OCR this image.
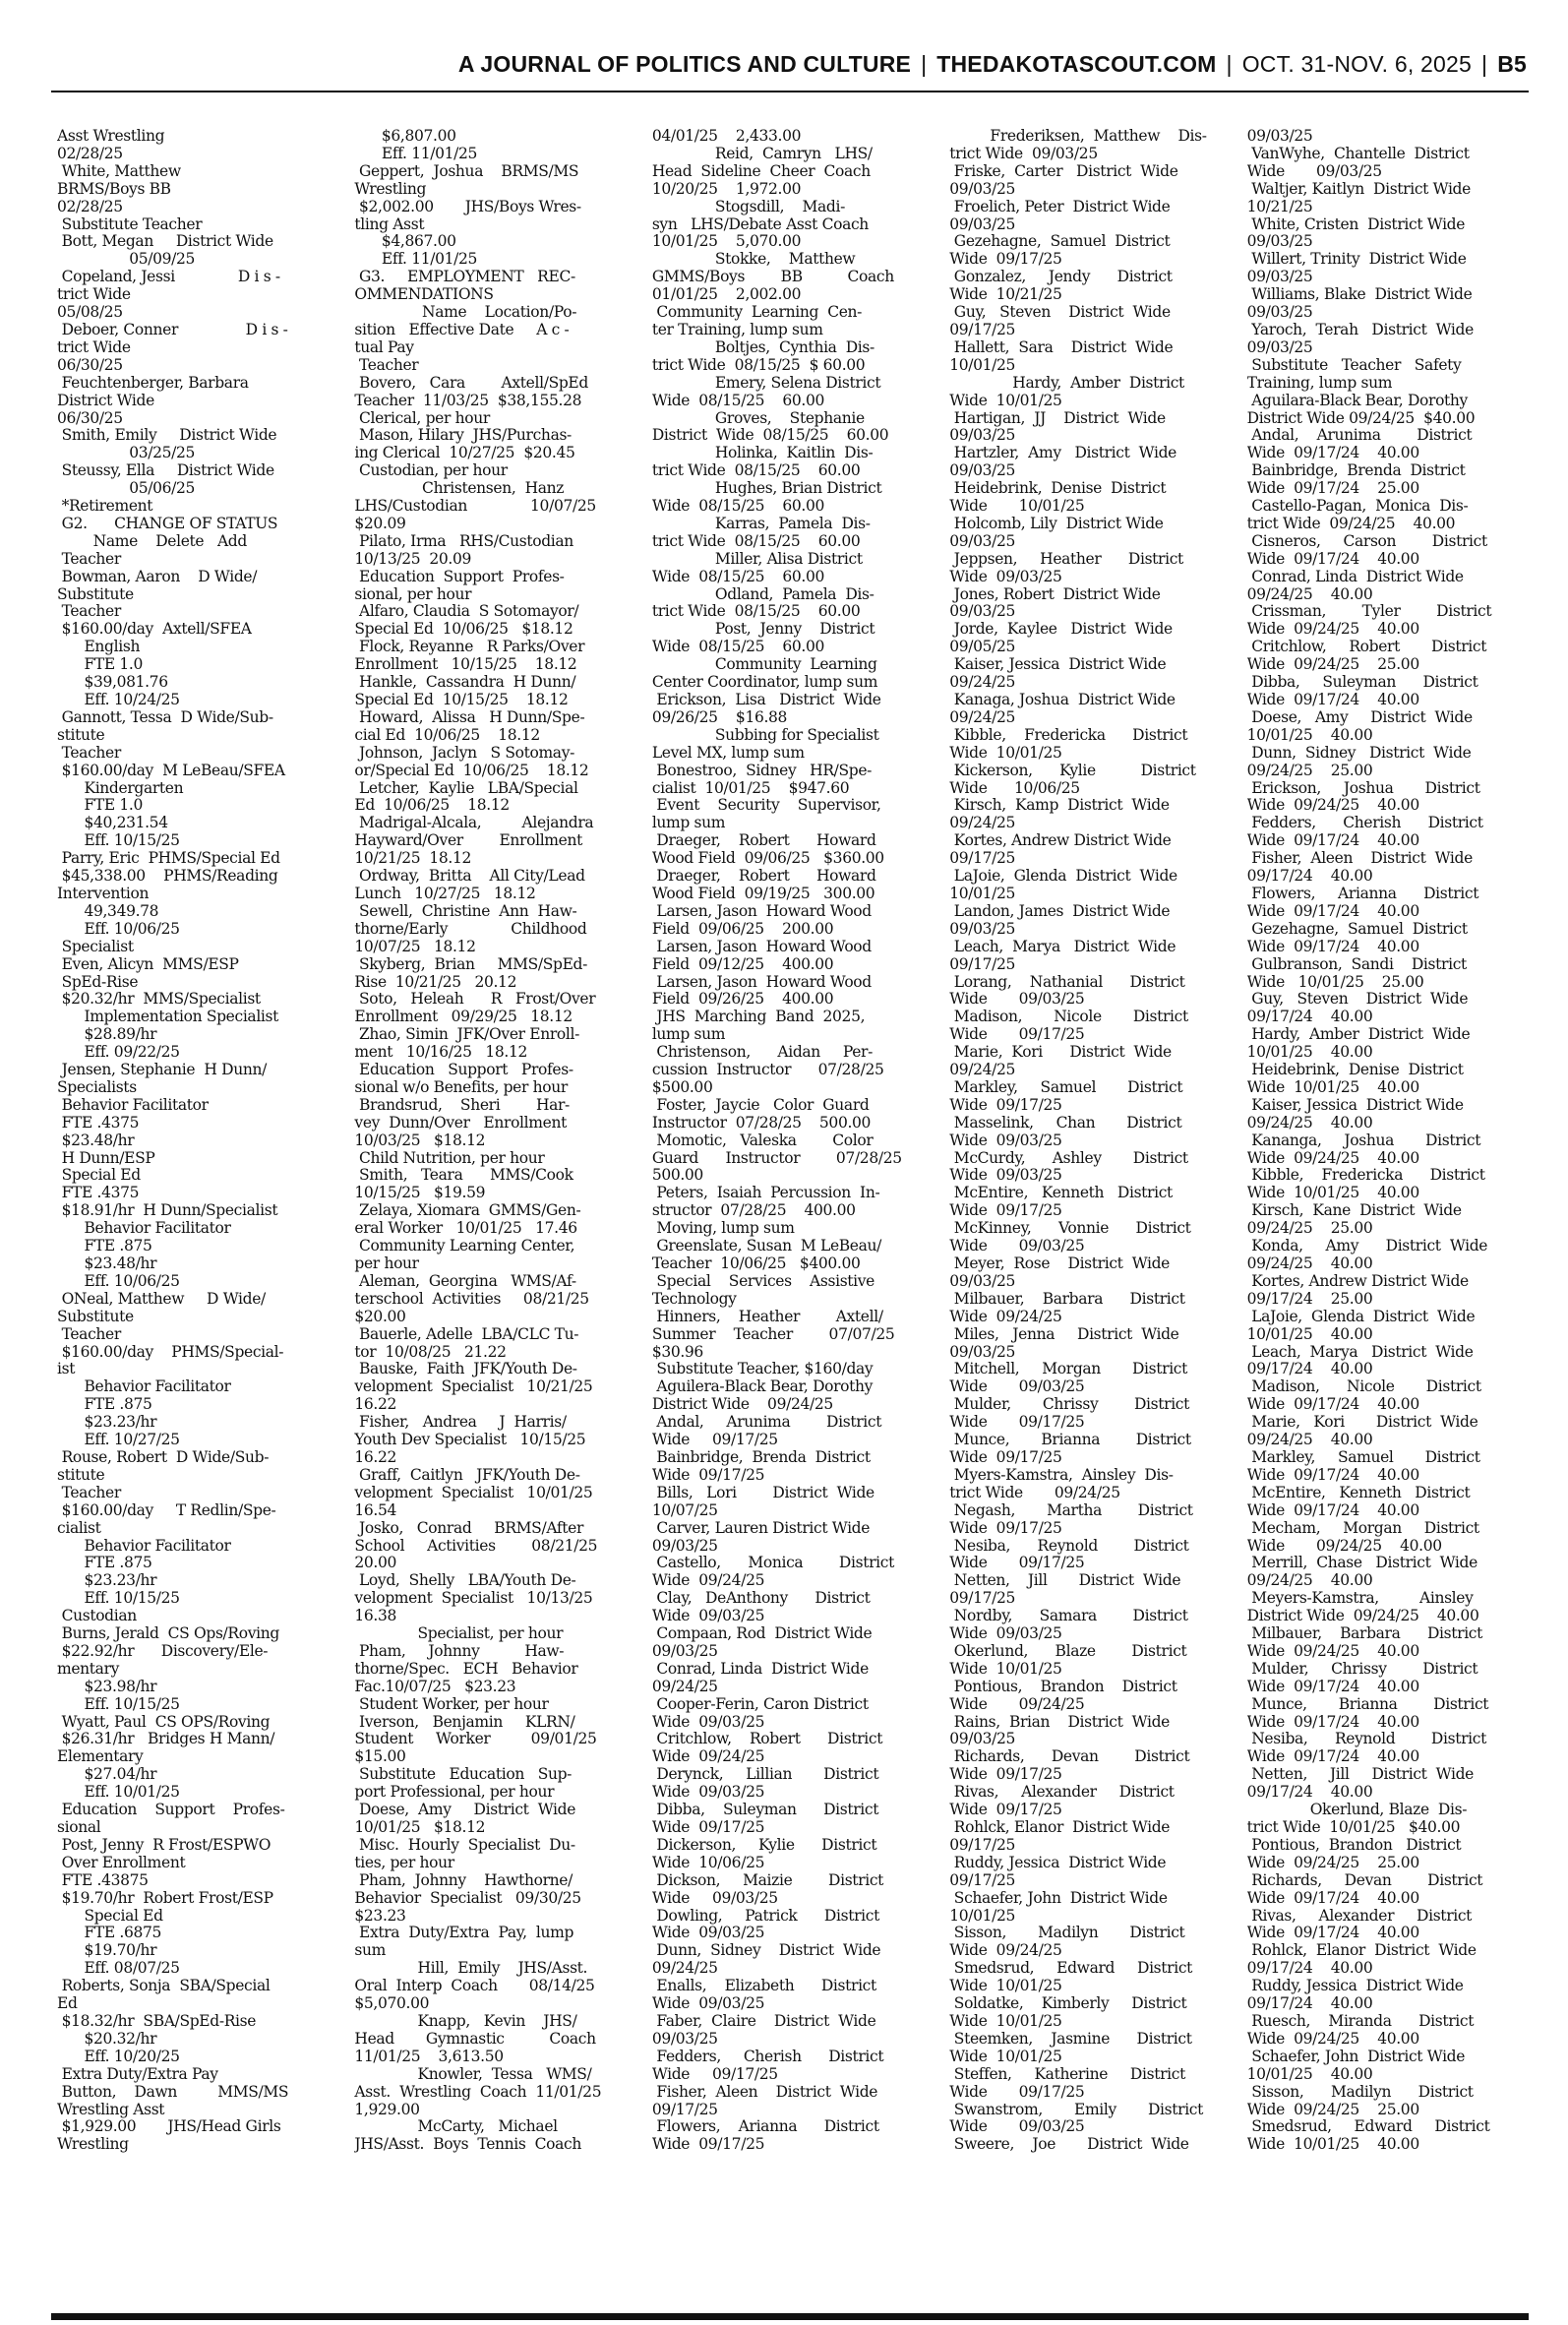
A JOURNAL OF POLITICS AND CULTURE | THEDAKOTASCOUT.COM | OCT. 31-NOV. 6, 2025 | B5

Asst Wrestling

02/28/25

White, Matthew

BRMS/Boys BB

02/28/25

Substitute Teacher

Bott, Megan     District Wide

05/09/25

Copeland, Jessi              D i s -

trict Wide

05/08/25

Deboer, Conner               D i s -

trict Wide

06/30/25

Feuchtenberger, Barbara

District Wide

06/30/25

Smith, Emily     District Wide

03/25/25

Steussy, Ella     District Wide

05/06/25

*Retirement

G2.      CHANGE OF STATUS

Name    Delete   Add

Teacher

Bowman, Aaron    D Wide/

Substitute

Teacher

$160.00/day  Axtell/SFEA

English

FTE 1.0

$39,081.76

Eff. 10/24/25

Gannott, Tessa  D Wide/Sub-

stitute

Teacher

$160.00/day  M LeBeau/SFEA

Kindergarten

FTE 1.0

$40,231.54

Eff. 10/15/25

Parry, Eric  PHMS/Special Ed

$45,338.00    PHMS/Reading

Intervention

49,349.78

Eff. 10/06/25

Specialist

Even, Alicyn  MMS/ESP

SpEd-Rise

$20.32/hr  MMS/Specialist

Implementation Specialist

$28.89/hr

Eff. 09/22/25

Jensen, Stephanie  H Dunn/

Specialists

Behavior Facilitator

FTE .4375

$23.48/hr

H Dunn/ESP

Special Ed

FTE .4375

$18.91/hr  H Dunn/Specialist

Behavior Facilitator

FTE .875

$23.48/hr

Eff. 10/06/25

ONeal, Matthew     D Wide/

Substitute

Teacher

$160.00/day    PHMS/Special-

ist

Behavior Facilitator

FTE .875

$23.23/hr

Eff. 10/27/25

Rouse, Robert  D Wide/Sub-

stitute

Teacher

$160.00/day     T Redlin/Spe-

cialist

Behavior Facilitator

FTE .875

$23.23/hr

Eff. 10/15/25

Custodian

Burns, Jerald  CS Ops/Roving

$22.92/hr      Discovery/Ele-

mentary

$23.98/hr

Eff. 10/15/25

Wyatt, Paul  CS OPS/Roving

$26.31/hr   Bridges H Mann/

Elementary

$27.04/hr

Eff. 10/01/25

Education    Support    Profes-

sional

Post, Jenny  R Frost/ESPWO

Over Enrollment

FTE .43875

$19.70/hr  Robert Frost/ESP

Special Ed

FTE .6875

$19.70/hr

Eff. 08/07/25

Roberts, Sonja  SBA/Special

Ed

$18.32/hr  SBA/SpEd-Rise

$20.32/hr

Eff. 10/20/25

Extra Duty/Extra Pay

Button,    Dawn         MMS/MS

Wrestling Asst

$1,929.00       JHS/Head Girls

Wrestling

$6,807.00

Eff. 11/01/25

Geppert,  Joshua    BRMS/MS

Wrestling

$2,002.00       JHS/Boys Wres-

tling Asst

$4,867.00

Eff. 11/01/25

G3.     EMPLOYMENT   REC-

OMMENDATIONS

Name    Location/Po-

sition   Effective Date     A c -

tual Pay

Teacher

Bovero,   Cara        Axtell/SpEd

Teacher  11/03/25  $38,155.28

Clerical, per hour

Mason, Hilary  JHS/Purchas-

ing Clerical  10/27/25  $20.45

Custodian, per hour

Christensen,  Hanz

LHS/Custodian              10/07/25

$20.09

Pilato, Irma   RHS/Custodian

10/13/25  20.09

Education  Support  Profes-

sional, per hour

Alfaro, Claudia  S Sotomayor/

Special Ed  10/06/25   $18.12

Flock, Reyanne   R Parks/Over

Enrollment   10/15/25    18.12

Hankle,  Cassandra  H Dunn/

Special Ed  10/15/25    18.12

Howard,  Alissa   H Dunn/Spe-

cial Ed  10/06/25    18.12

Johnson,  Jaclyn   S Sotomay-

or/Special Ed  10/06/25    18.12

Letcher,  Kaylie   LBA/Special

Ed  10/06/25    18.12

Madrigal-Alcala,         Alejandra

Hayward/Over        Enrollment

10/21/25  18.12

Ordway,  Britta    All City/Lead

Lunch   10/27/25   18.12

Sewell,  Christine  Ann  Haw-

thorne/Early              Childhood

10/07/25   18.12

Skyberg,  Brian     MMS/SpEd-

Rise  10/21/25   20.12

Soto,   Heleah      R   Frost/Over

Enrollment   09/29/25   18.12

Zhao, Simin  JFK/Over Enroll-

ment   10/16/25   18.12

Education   Support   Profes-

sional w/o Benefits, per hour

Brandsrud,    Sheri        Har-

vey  Dunn/Over   Enrollment

10/03/25   $18.12

Child Nutrition, per hour

Smith,   Teara      MMS/Cook

10/15/25   $19.59

Zelaya, Xiomara  GMMS/Gen-

eral Worker   10/01/25   17.46

Community Learning Center,

per hour

Aleman,  Georgina   WMS/Af-

terschool  Activities     08/21/25

$20.00

Bauerle, Adelle  LBA/CLC Tu-

tor  10/08/25   21.22

Bauske,  Faith  JFK/Youth De-

velopment  Specialist   10/21/25

16.22

Fisher,   Andrea     J  Harris/

Youth Dev Specialist   10/15/25

16.22

Graff,  Caitlyn   JFK/Youth De-

velopment  Specialist   10/01/25

16.54

Josko,   Conrad     BRMS/After

School     Activities        08/21/25

20.00

Loyd,  Shelly   LBA/Youth De-

velopment  Specialist   10/13/25

16.38

Specialist, per hour

Pham,     Johnny          Haw-

thorne/Spec.   ECH   Behavior

Fac.10/07/25   $23.23

Student Worker, per hour

Iverson,   Benjamin     KLRN/

Student     Worker         09/01/25

$15.00

Substitute   Education   Sup-

port Professional, per hour

Doese,  Amy     District  Wide

10/01/25   $18.12

Misc.  Hourly  Specialist  Du-

ties, per hour

Pham,  Johnny    Hawthorne/

Behavior  Specialist   09/30/25

$23.23

Extra  Duty/Extra  Pay,  lump

sum

Hill,  Emily    JHS/Asst.

Oral  Interp  Coach       08/14/25

$5,070.00

Knapp,   Kevin    JHS/

Head       Gymnastic          Coach

11/01/25    3,613.50

Knowler,  Tessa   WMS/

Asst.  Wrestling  Coach  11/01/25

1,929.00

McCarty,   Michael

JHS/Asst.  Boys  Tennis  Coach

04/01/25    2,433.00

Reid,  Camryn   LHS/

Head  Sideline  Cheer  Coach

10/20/25    1,972.00

Stogsdill,    Madi-

syn   LHS/Debate Asst Coach

10/01/25    5,070.00

Stokke,    Matthew

GMMS/Boys        BB          Coach

01/01/25    2,002.00

Community  Learning  Cen-

ter Training, lump sum

Boltjes,  Cynthia  Dis-

trict Wide  08/15/25  $ 60.00

Emery, Selena District

Wide  08/15/25    60.00

Groves,    Stephanie

District  Wide  08/15/25    60.00

Holinka,  Kaitlin  Dis-

trict Wide  08/15/25    60.00

Hughes, Brian District

Wide  08/15/25    60.00

Karras,  Pamela  Dis-

trict Wide  08/15/25    60.00

Miller, Alisa District

Wide  08/15/25    60.00

Odland,  Pamela  Dis-

trict Wide  08/15/25    60.00

Post,  Jenny    District

Wide  08/15/25    60.00

Community  Learning

Center Coordinator, lump sum

Erickson,  Lisa   District  Wide

09/26/25    $16.88

Subbing for Specialist

Level MX, lump sum

Bonestroo,  Sidney   HR/Spe-

cialist  10/01/25    $947.60

Event    Security    Supervisor,

lump sum

Draeger,    Robert      Howard

Wood Field  09/06/25   $360.00

Draeger,    Robert      Howard

Wood Field  09/19/25   300.00

Larsen, Jason  Howard Wood

Field  09/06/25    200.00

Larsen, Jason  Howard Wood

Field  09/12/25    400.00

Larsen, Jason  Howard Wood

Field  09/26/25    400.00

JHS  Marching  Band  2025,

lump sum

Christenson,      Aidan     Per-

cussion  Instructor      07/28/25

$500.00

Foster,  Jaycie   Color  Guard

Instructor  07/28/25    500.00

Momotic,   Valeska        Color

Guard      Instructor        07/28/25

500.00

Peters,  Isaiah  Percussion  In-

structor  07/28/25    400.00

Moving, lump sum

Greenslate, Susan  M LeBeau/

Teacher  10/06/25   $400.00

Special    Services    Assistive

Technology

Hinners,    Heather        Axtell/

Summer    Teacher        07/07/25

$30.96

Substitute Teacher, $160/day

Aguilera-Black Bear, Dorothy

District Wide    09/24/25

Andal,     Arunima        District

Wide     09/17/25

Bainbridge,  Brenda  District

Wide  09/17/25

Bills,   Lori        District  Wide

10/07/25

Carver, Lauren District Wide

09/03/25

Castello,      Monica        District

Wide  09/24/25

Clay,   DeAnthony      District

Wide  09/03/25

Compaan, Rod  District Wide

09/03/25

Conrad, Linda  District Wide

09/24/25

Cooper-Ferin, Caron District

Wide  09/03/25

Critchlow,    Robert      District

Wide  09/24/25

Derynck,     Lillian       District

Wide  09/03/25

Dibba,    Suleyman      District

Wide  09/17/25

Dickerson,     Kylie      District

Wide  10/06/25

Dickson,     Maizie        District

Wide     09/03/25

Dowling,     Patrick      District

Wide  09/03/25

Dunn,  Sidney    District  Wide

09/24/25

Enalls,    Elizabeth      District

Wide  09/03/25

Faber,  Claire    District  Wide

09/03/25

Fedders,     Cherish      District

Wide     09/17/25

Fisher,  Aleen    District  Wide

09/17/25

Flowers,    Arianna      District

Wide  09/17/25

Frederiksen,  Matthew    Dis-

trict Wide  09/03/25

Friske,  Carter   District  Wide

09/03/25

Froelich, Peter  District Wide

09/03/25

Gezehagne,  Samuel  District

Wide  09/17/25

Gonzalez,     Jendy      District

Wide  10/21/25

Guy,   Steven    District  Wide

09/17/25

Hallett,  Sara    District  Wide

10/01/25

Hardy,  Amber  District

Wide  10/01/25

Hartigan,  JJ    District  Wide

09/03/25

Hartzler,  Amy   District  Wide

09/03/25

Heidebrink,  Denise  District

Wide       10/01/25

Holcomb, Lily  District Wide

09/03/25

Jeppsen,     Heather      District

Wide  09/03/25

Jones, Robert  District Wide

09/03/25

Jorde,  Kaylee   District  Wide

09/05/25

Kaiser, Jessica  District Wide

09/24/25

Kanaga, Joshua  District Wide

09/24/25

Kibble,    Fredericka      District

Wide  10/01/25

Kickerson,      Kylie          District

Wide      10/06/25

Kirsch,  Kamp  District  Wide

09/24/25

Kortes, Andrew District Wide

09/17/25

LaJoie,  Glenda  District  Wide

10/01/25

Landon, James  District Wide

09/03/25

Leach,  Marya   District  Wide

09/17/25

Lorang,    Nathanial      District

Wide       09/03/25

Madison,       Nicole       District

Wide       09/17/25

Marie,  Kori      District  Wide

09/24/25

Markley,     Samuel       District

Wide  09/17/25

Masselink,     Chan       District

Wide  09/03/25

McCurdy,      Ashley       District

Wide  09/03/25

McEntire,   Kenneth   District

Wide  09/17/25

McKinney,      Vonnie      District

Wide       09/03/25

Meyer,  Rose    District  Wide

09/03/25

Milbauer,    Barbara      District

Wide  09/24/25

Miles,   Jenna     District  Wide

09/03/25

Mitchell,     Morgan       District

Wide       09/03/25

Mulder,       Chrissy        District

Wide       09/17/25

Munce,       Brianna        District

Wide  09/17/25

Myers-Kamstra,  Ainsley  Dis-

trict Wide       09/24/25

Negash,       Martha        District

Wide  09/17/25

Nesiba,      Reynold        District

Wide       09/17/25

Netten,    Jill       District  Wide

09/17/25

Nordby,      Samara        District

Wide  09/03/25

Okerlund,      Blaze        District

Wide  10/01/25

Pontious,    Brandon    District

Wide       09/24/25

Rains,  Brian    District  Wide

09/03/25

Richards,      Devan        District

Wide  09/17/25

Rivas,     Alexander     District

Wide  09/17/25

Rohlck, Elanor  District Wide

09/17/25

Ruddy, Jessica  District Wide

09/17/25

Schaefer, John  District Wide

10/01/25

Sisson,       Madilyn       District

Wide  09/24/25

Smedsrud,     Edward     District

Wide  10/01/25

Soldatke,    Kimberly     District

Wide  10/01/25

Steemken,    Jasmine      District

Wide  10/01/25

Steffen,     Katherine     District

Wide       09/17/25

Swanstrom,       Emily       District

Wide       09/03/25

Sweere,    Joe       District  Wide

09/03/25

VanWyhe,  Chantelle  District

Wide       09/03/25

Waltjer, Kaitlyn  District Wide

10/21/25

White, Cristen  District Wide

09/03/25

Willert, Trinity  District Wide

09/03/25

Williams, Blake  District Wide

09/03/25

Yaroch,  Terah   District  Wide

09/03/25

Substitute   Teacher   Safety

Training, lump sum

Aguilara-Black Bear, Dorothy

District Wide 09/24/25  $40.00

Andal,    Arunima        District

Wide  09/17/24    40.00

Bainbridge,  Brenda  District

Wide  09/17/24    25.00

Castello-Pagan,  Monica  Dis-

trict Wide  09/24/25    40.00

Cisneros,     Carson        District

Wide  09/17/24    40.00

Conrad, Linda  District Wide

09/24/25    40.00

Crissman,        Tyler        District

Wide  09/24/25    40.00

Critchlow,     Robert       District

Wide  09/24/25    25.00

Dibba,     Suleyman      District

Wide  09/17/24    40.00

Doese,   Amy     District  Wide

10/01/25    40.00

Dunn,  Sidney   District  Wide

09/24/25    25.00

Erickson,     Joshua       District

Wide  09/24/25    40.00

Fedders,      Cherish      District

Wide  09/17/24    40.00

Fisher,  Aleen    District  Wide

09/17/24    40.00

Flowers,     Arianna      District

Wide  09/17/24    40.00

Gezehagne,  Samuel  District

Wide  09/17/24    40.00

Gulbranson,  Sandi    District

Wide   10/01/25    25.00

Guy,   Steven    District  Wide

09/17/24    40.00

Hardy,  Amber  District  Wide

10/01/25    40.00

Heidebrink,  Denise  District

Wide  10/01/25    40.00

Kaiser, Jessica  District Wide

09/24/25    40.00

Kananga,     Joshua       District

Wide  09/24/25    40.00

Kibble,    Fredericka      District

Wide  10/01/25    40.00

Kirsch,  Kane  District  Wide

09/24/25    25.00

Konda,     Amy      District  Wide

09/24/25    40.00

Kortes, Andrew District Wide

09/17/24    25.00

LaJoie,  Glenda  District  Wide

10/01/25    40.00

Leach,  Marya   District  Wide

09/17/24    40.00

Madison,      Nicole       District

Wide  09/17/24    40.00

Marie,   Kori       District  Wide

09/24/25    40.00

Markley,     Samuel       District

Wide  09/17/24    40.00

McEntire,   Kenneth   District

Wide  09/17/24    40.00

Mecham,     Morgan     District

Wide       09/24/25    40.00

Merrill,  Chase   District  Wide

09/24/25    40.00

Meyers-Kamstra,         Ainsley

District Wide  09/24/25    40.00

Milbauer,    Barbara      District

Wide  09/24/25    40.00

Mulder,     Chrissy        District

Wide  09/17/24    40.00

Munce,       Brianna        District

Wide  09/17/24    40.00

Nesiba,      Reynold        District

Wide  09/17/24    40.00

Netten,     Jill     District  Wide

09/17/24    40.00

Okerlund, Blaze  Dis-

trict Wide  10/01/25   $40.00

Pontious,  Brandon   District

Wide  09/24/25    25.00

Richards,     Devan        District

Wide  09/17/24    40.00

Rivas,     Alexander     District

Wide  09/17/24    40.00

Rohlck,  Elanor  District  Wide

09/17/24    40.00

Ruddy, Jessica  District Wide

09/17/24    40.00

Ruesch,    Miranda      District

Wide  09/24/25    40.00

Schaefer, John  District Wide

10/01/25    40.00

Sisson,      Madilyn      District

Wide  09/24/25    25.00

Smedsrud,     Edward     District

Wide  10/01/25    40.00
